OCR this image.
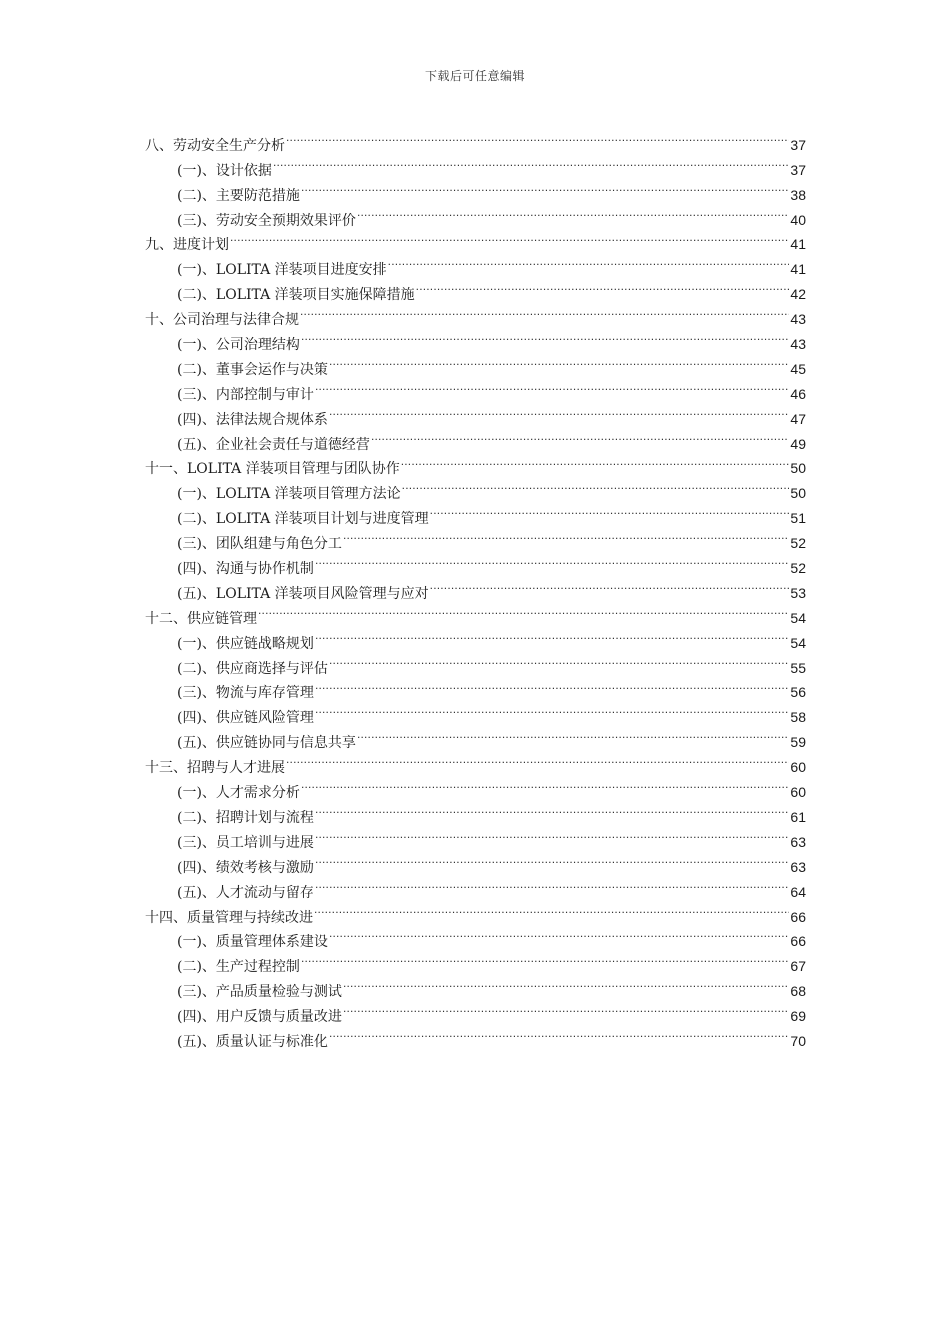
下载后可任意编辑
八、劳动安全生产分析 .....	37
(一)、设计依据 .....	37
(二)、主要防范措施 .....	38
(三)、劳动安全预期效果评价 .....	40
九、进度计划 .....	41
(一)、LOLITA 洋装项目进度安排 .....	41
(二)、LOLITA 洋装项目实施保障措施 .....	42
十、公司治理与法律合规 .....	43
(一)、公司治理结构 .....	43
(二)、董事会运作与决策 .....	45
(三)、内部控制与审计 .....	46
(四)、法律法规合规体系 .....	47
(五)、企业社会责任与道德经营 .....	49
十一、LOLITA 洋装项目管理与团队协作 .....	50
(一)、LOLITA 洋装项目管理方法论 .....	50
(二)、LOLITA 洋装项目计划与进度管理 .....	51
(三)、团队组建与角色分工 .....	52
(四)、沟通与协作机制 .....	52
(五)、LOLITA 洋装项目风险管理与应对 .....	53
十二、供应链管理 .....	54
(一)、供应链战略规划 .....	54
(二)、供应商选择与评估 .....	55
(三)、物流与库存管理 .....	56
(四)、供应链风险管理 .....	58
(五)、供应链协同与信息共享 .....	59
十三、招聘与人才进展 .....	60
(一)、人才需求分析 .....	60
(二)、招聘计划与流程 .....	61
(三)、员工培训与进展 .....	63
(四)、绩效考核与激励 .....	63
(五)、人才流动与留存 .....	64
十四、质量管理与持续改进 .....	66
(一)、质量管理体系建设 .....	66
(二)、生产过程控制 .....	67
(三)、产品质量检验与测试 .....	68
(四)、用户反馈与质量改进 .....	69
(五)、质量认证与标准化 .....	70
